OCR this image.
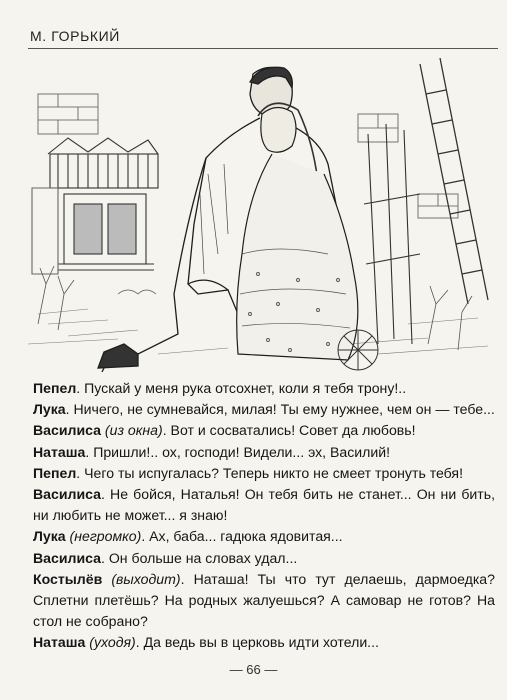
М. ГОРЬКИЙ

Пепел. Пускай у меня рука отсохнет, коли я тебя трону!..

Лука. Ничего, не сумневайся, милая! Ты ему нужнее, чем он — тебе...

Василиса (из окна). Вот и сосватались! Совет да любовь!

Наташа. Пришли!.. ох, господи! Видели... эх, Василий!

Пепел. Чего ты испугалась? Теперь никто не смеет тронуть тебя!

Василиса. Не бойся, Наталья! Он тебя бить не станет... Он ни бить, ни любить не может... я знаю!

Лука (негромко). Ах, баба... гадюка ядовитая...

Василиса. Он больше на словах удал...

Костылёв (выходит). Наташа! Ты что тут делаешь, дармоедка? Сплетни плетёшь? На родных жалуешься? А самовар не готов? На стол не собрано?

Наташа (уходя). Да ведь вы в церковь идти хотели...

— 66 —
